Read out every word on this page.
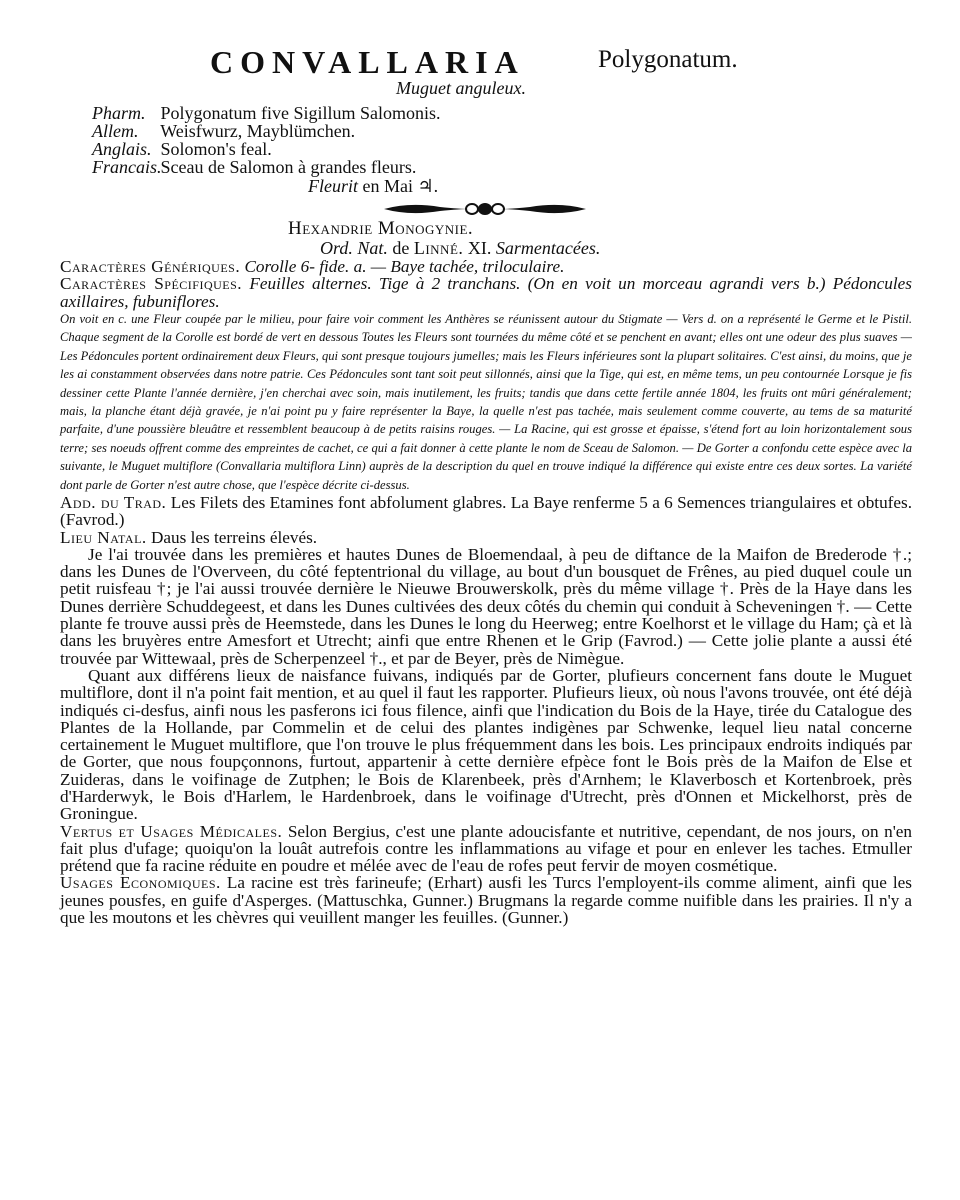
CONVALLARIA	Polygonatum.
Muguet anguleux.
Pharm. Polygonatum five Sigillum Salomonis.
Allem. Weisfwurz, Mayblümchen.
Anglais. Solomon's feal.
Francais. Sceau de Salomon à grandes fleurs.
Fleurit en Mai ♃.
Hexandrie Monogynie.
Ord. Nat. de Linné. XI. Sarmentacées.

Caractères Génériques. Corolle 6- fide. a. — Baye tachée, triloculaire.

Caractères Spécifiques. Feuilles alternes. Tige à 2 tranchans. (On en voit un morceau agrandi vers b.) Pédoncules axillaires, fubuniflores.

On voit en c. une Fleur coupée par le milieu, pour faire voir comment les Anthères se réunissent autour du Stigmate — Vers d. on a représenté le Germe et le Pistil. Chaque segment de la Corolle est bordé de vert en dessous Toutes les Fleurs sont tournées du même côté et se penchent en avant; elles ont une odeur des plus suaves — Les Pédoncules portent ordinairement deux Fleurs, qui sont presque toujours jumelles; mais les Fleurs inférieures sont la plupart solitaires. C'est ainsi, du moins, que je les ai constamment observées dans notre patrie. Ces Pédoncules sont tant soit peut sillonnés, ainsi que la Tige, qui est, en même tems, un peu contournée Lorsque je fis dessiner cette Plante l'année dernière, j'en cherchai avec soin, mais inutilement, les fruits; tandis que dans cette fertile année 1804, les fruits ont mûri généralement; mais, la planche étant déjà gravée, je n'ai point pu y faire représenter la Baye, la quelle n'est pas tachée, mais seulement comme couverte, au tems de sa maturité parfaite, d'une poussière bleuâtre et ressemblent beaucoup à de petits raisins rouges. — La Racine, qui est grosse et épaisse, s'étend fort au loin horizontalement sous terre; ses noeuds offrent comme des empreintes de cachet, ce qui a fait donner à cette plante le nom de Sceau de Salomon. — De Gorter a confondu cette espèce avec la suivante, le Muguet multiflore (Convallaria multiflora Linn) auprès de la description du quel en trouve indiqué la différence qui existe entre ces deux sortes. La variété dont parle de Gorter n'est autre chose, que l'espèce décrite ci-dessus.

Add. du Trad. Les Filets des Etamines font abfolument glabres. La Baye renferme 5 a 6 Semences triangulaires et obtufes. (Favrod.)

Lieu Natal. Daus les terreins élevés.

Je l'ai trouvée dans les premières et hautes Dunes de Bloemendaal, à peu de diftance de la Maifon de Brederode †.; dans les Dunes de l'Overveen, du côté feptentrional du village, au bout d'un bousquet de Frênes, au pied duquel coule un petit ruisfeau †; je l'ai aussi trouvée dernière le Nieuwe Brouwerskolk, près du même village †. Près de la Haye dans les Dunes derrière Schuddegeest, et dans les Dunes cultivées des deux côtés du chemin qui conduit à Scheveningen †. — Cette plante fe trouve aussi près de Heemstede, dans les Dunes le long du Heerweg; entre Koelhorst et le village du Ham; çà et là dans les bruyères entre Amesfort et Utrecht; ainfi que entre Rhenen et le Grip (Favrod.) — Cette jolie plante a aussi été trouvée par Wittewaal, près de Scherpenzeel †., et par de Beyer, près de Nimègue.

Quant aux différens lieux de naisfance fuivans, indiqués par de Gorter, plufieurs concernent fans doute le Muguet multiflore, dont il n'a point fait mention, et au quel il faut les rapporter. Plufieurs lieux, où nous l'avons trouvée, ont été déjà indiqués ci-desfus, ainfi nous les pasferons ici fous filence, ainfi que l'indication du Bois de la Haye, tirée du Catalogue des Plantes de la Hollande, par Commelin et de celui des plantes indigènes par Schwenke, lequel lieu natal concerne certainement le Muguet multiflore, que l'on trouve le plus fréquemment dans les bois. Les principaux endroits indiqués par de Gorter, que nous foupçonnons, furtout, appartenir à cette dernière efpèce font le Bois près de la Maifon de Else et Zuideras, dans le voifinage de Zutphen; le Bois de Klarenbeek, près d'Arnhem; le Klaverbosch et Kortenbroek, près d'Harderwyk, le Bois d'Harlem, le Hardenbroek, dans le voifinage d'Utrecht, près d'Onnen et Mickelhorst, près de Groningue.

Vertus et Usages Médicales. Selon Bergius, c'est une plante adoucisfante et nutritive, cependant, de nos jours, on n'en fait plus d'ufage; quoiqu'on la louât autrefois contre les inflammations au vifage et pour en enlever les taches. Etmuller prétend que fa racine réduite en poudre et mélée avec de l'eau de rofes peut fervir de moyen cosmétique.

Usages Economiques. La racine est très farineufe; (Erhart) ausfi les Turcs l'employent-ils comme aliment, ainfi que les jeunes pousfes, en guife d'Asperges. (Mattuschka, Gunner.) Brugmans la regarde comme nuifible dans les prairies. Il n'y a que les moutons et les chèvres qui veuillent manger les feuilles. (Gunner.)
